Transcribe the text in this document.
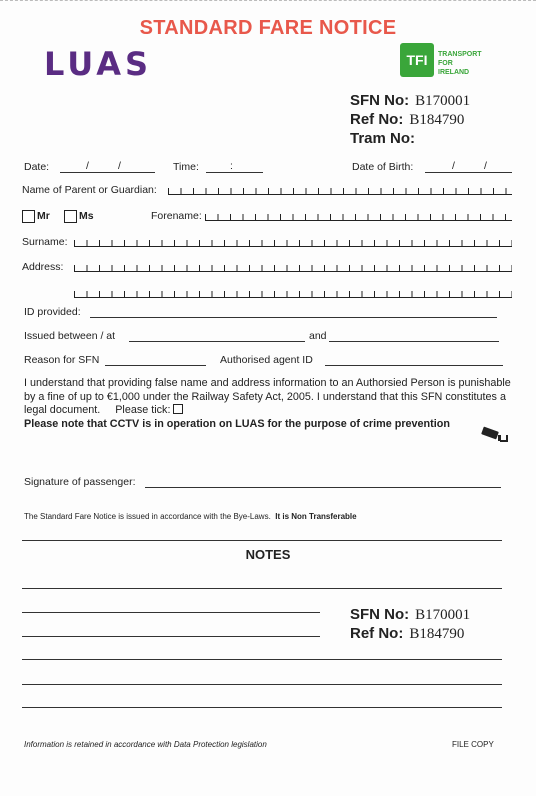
STANDARD FARE NOTICE
LUAS	TFI	TRANSPORT
FOR
IRELAND
SFN No: B170001
Ref No: B184790
Tram No:
Date:	/	/	Time:	:	Date of Birth:	/	/
Name of Parent or Guardian:
Mr	Ms	Forename:
Surname:
Address:
ID provided:
Issued between / at	and
Reason for SFN	Authorised agent ID
I understand that providing false name and address information to an Authorsied Person is punishable by a fine of up to €1,000 under the Railway Safety Act, 2005. I understand that this SFN constitutes a legal document. Please tick:
Please note that CCTV is in operation on LUAS for the purpose of crime prevention
Signature of passenger:
The Standard Fare Notice is issued in accordance with the Bye-Laws. It is Non Transferable
NOTES
SFN No: B170001
Ref No: B184790
Information is retained in accordance with Data Protection legislation	FILE COPY
